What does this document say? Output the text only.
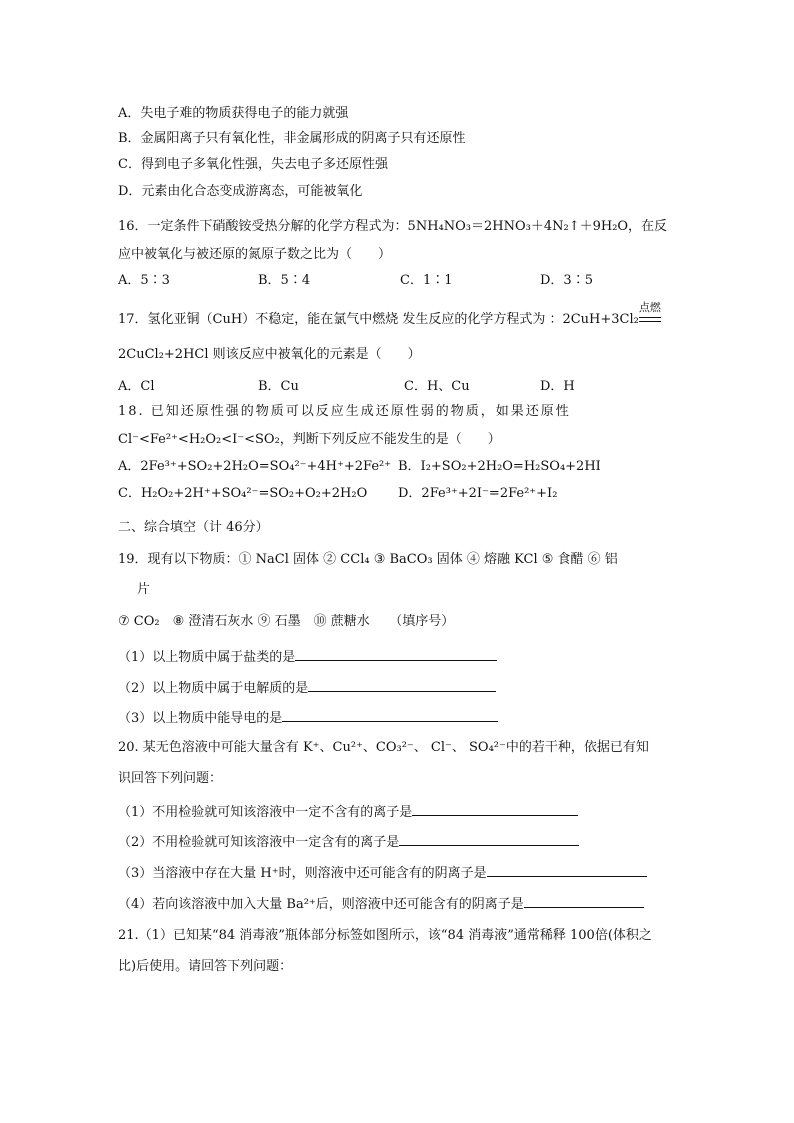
A．失电子难的物质获得电子的能力就强
B．金属阳离子只有氧化性，非金属形成的阴离子只有还原性
C．得到电子多氧化性强，失去电子多还原性强
D．元素由化合态变成游离态，可能被氧化
16．一定条件下硝酸铵受热分解的化学方程式为：5NH₄NO₃＝2HNO₃＋4N₂↑＋9H₂O，在反
应中被氧化与被还原的氮原子数之比为（　　）
A．5∶3	B．5∶4	C．1∶1	D．3∶5
17．氢化亚铜（CuH）不稳定，能在氯气中燃烧 发生反应的化学方程式为 ：2CuH+3Cl₂
点燃
2CuCl₂+2HCl 则该反应中被氧化的元素是（　　）
A．Cl	B．Cu	C．H、Cu	D．H
18. 已知还原性强的物质可以反应生成还原性弱的物质，如果还原性
Cl⁻<Fe²⁺<H₂O₂<I⁻<SO₂，判断下列反应不能发生的是（　　）
A．2Fe³⁺+SO₂+2H₂O=SO₄²⁻+4H⁺+2Fe²⁺ B．I₂+SO₂+2H₂O=H₂SO₄+2HI
C．H₂O₂+2H⁺+SO₄²⁻=SO₂+O₂+2H₂O D．2Fe³⁺+2I⁻=2Fe²⁺+I₂
二、综合填空（计 46分）
19．现有以下物质：① NaCl 固体 ② CCl₄ ③ BaCO₃ 固体 ④ 熔融 KCl ⑤ 食醋 ⑥ 铝
片
⑦ CO₂　⑧ 澄清石灰水 ⑨ 石墨　⑩ 蔗糖水　　（填序号）
（1）以上物质中属于盐类的是
（2）以上物质中属于电解质的是
（3）以上物质中能导电的是
20. 某无色溶液中可能大量含有 K⁺、Cu²⁺、CO₃²⁻、 Cl⁻、 SO₄²⁻中的若干种，依据已有知
识回答下列问题：
（1）不用检验就可知该溶液中一定不含有的离子是
（2）不用检验就可知该溶液中一定含有的离子是
（3）当溶液中存在大量 H⁺时，则溶液中还可能含有的阴离子是
（4）若向该溶液中加入大量 Ba²⁺后，则溶液中还可能含有的阴离子是
21.（1）已知某“84 消毒液”瓶体部分标签如图所示，该“84 消毒液”通常稀释 100倍(体积之
比)后使用。请回答下列问题：
